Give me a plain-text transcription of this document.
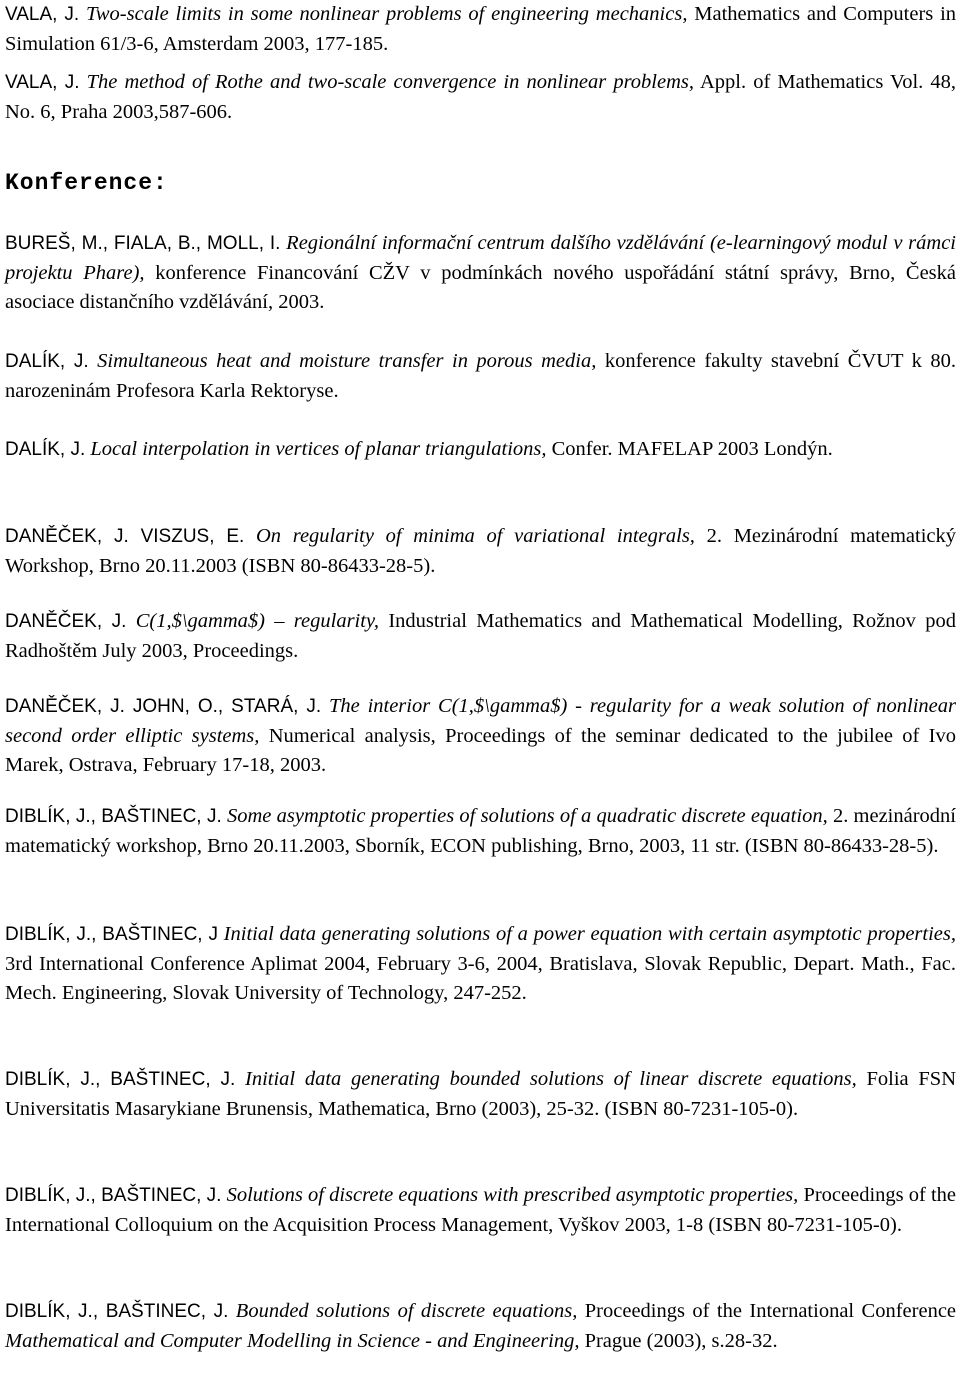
VALA, J. Two-scale limits in some nonlinear problems of engineering mechanics, Mathematics and Computers in Simulation 61/3-6, Amsterdam 2003, 177-185.

VALA, J. The method of Rothe and two-scale convergence in nonlinear problems, Appl. of Mathematics Vol. 48, No. 6, Praha 2003,587-606.

Konference:

BUREŠ, M., FIALA, B., MOLL, I. Regionální informační centrum dalšího vzdělávání (e-learningový modul v rámci projektu Phare), konference Financování CŽV v podmínkách nového uspořádání státní správy, Brno, Česká asociace distančního vzdělávání, 2003.

DALÍK, J. Simultaneous heat and moisture transfer in porous media, konference fakulty stavební ČVUT k 80. narozeninám Profesora Karla Rektoryse.

DALÍK, J. Local interpolation in vertices of planar triangulations, Confer. MAFELAP 2003 Londýn.

DANĚČEK, J. VISZUS, E. On regularity of minima of variational integrals, 2. Mezinárodní matematický Workshop, Brno 20.11.2003 (ISBN 80-86433-28-5).

DANĚČEK, J. C(1,$\gamma$) – regularity, Industrial Mathematics and Mathematical Modelling, Rožnov pod Radhoštěm July 2003, Proceedings.

DANĚČEK, J. JOHN, O., STARÁ, J. The interior C(1,$\gamma$) - regularity for a weak solution of nonlinear second order elliptic systems, Numerical analysis, Proceedings of the seminar dedicated to the jubilee of Ivo Marek, Ostrava, February 17-18, 2003.

DIBLÍK, J., BAŠTINEC, J. Some asymptotic properties of solutions of a quadratic discrete equation, 2. mezinárodní matematický workshop, Brno 20.11.2003, Sborník, ECON publishing, Brno, 2003, 11 str. (ISBN 80-86433-28-5).

DIBLÍK, J., BAŠTINEC, J Initial data generating solutions of a power equation with certain asymptotic properties, 3rd International Conference Aplimat 2004, February 3-6, 2004, Bratislava, Slovak Republic, Depart. Math., Fac. Mech. Engineering, Slovak University of Technology, 247-252.

DIBLÍK, J., BAŠTINEC, J. Initial data generating bounded solutions of linear discrete equations, Folia FSN Universitatis Masarykiane Brunensis, Mathematica, Brno (2003), 25-32. (ISBN 80-7231-105-0).

DIBLÍK, J., BAŠTINEC, J. Solutions of discrete equations with prescribed asymptotic properties, Proceedings of the International Colloquium on the Acquisition Process Management, Vyškov 2003, 1-8 (ISBN 80-7231-105-0).

DIBLÍK, J., BAŠTINEC, J. Bounded solutions of discrete equations, Proceedings of the International Conference Mathematical and Computer Modelling in Science - and Engineering, Prague (2003), s.28-32.
